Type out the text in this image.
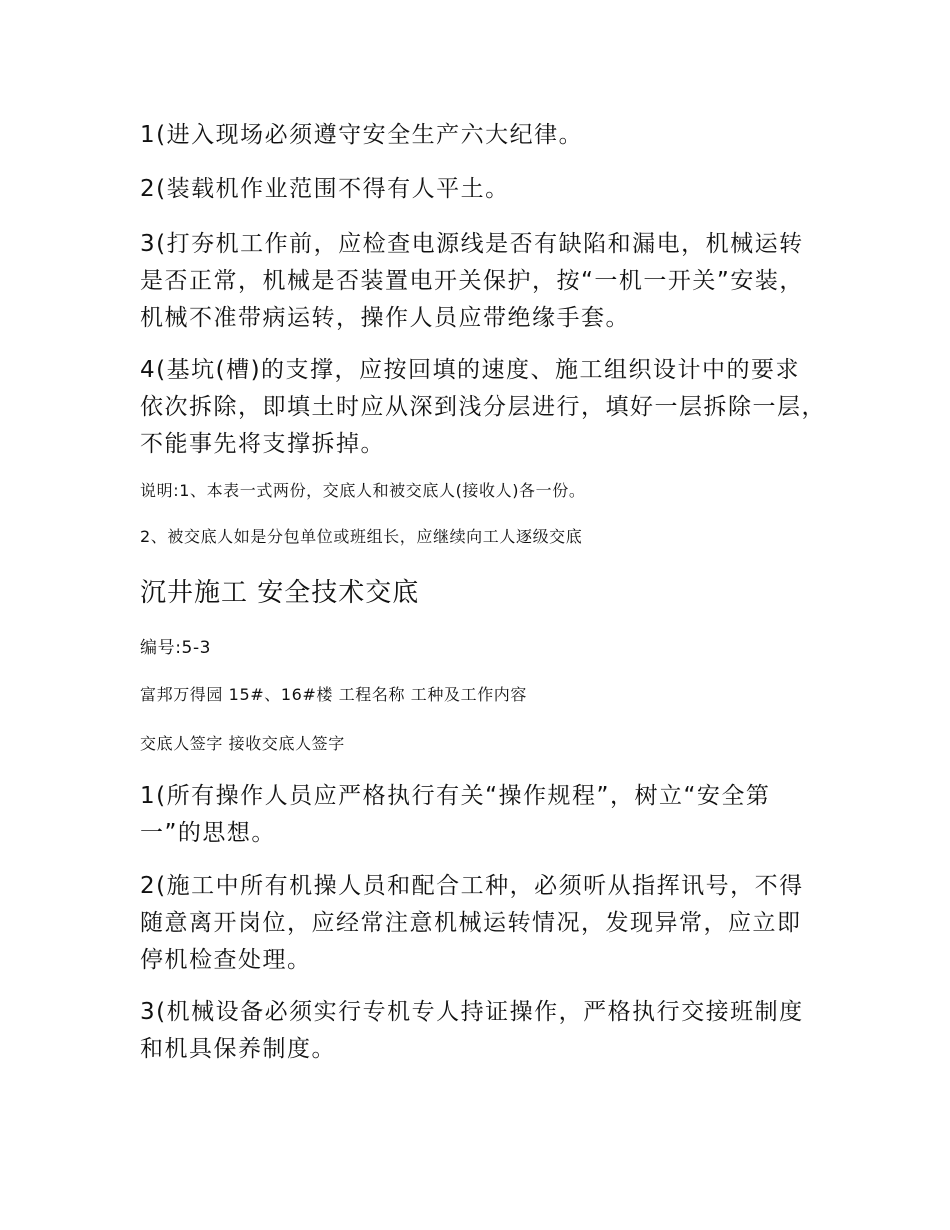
1(进入现场必须遵守安全生产六大纪律。

2(装载机作业范围不得有人平土。

3(打夯机工作前，应检查电源线是否有缺陷和漏电，机械运转
是否正常，机械是否装置电开关保护，按“一机一开关”安装，
机械不准带病运转，操作人员应带绝缘手套。

4(基坑(槽)的支撑，应按回填的速度、施工组织设计中的要求
依次拆除，即填土时应从深到浅分层进行，填好一层拆除一层，
不能事先将支撑拆掉。

说明:1、本表一式两份，交底人和被交底人(接收人)各一份。

2、被交底人如是分包单位或班组长，应继续向工人逐级交底

沉井施工 安全技术交底

编号:5-3

富邦万得园 15#、16#楼 工程名称 工种及工作内容

交底人签字 接收交底人签字

1(所有操作人员应严格执行有关“操作规程”，树立“安全第
一”的思想。

2(施工中所有机操人员和配合工种，必须听从指挥讯号，不得
随意离开岗位，应经常注意机械运转情况，发现异常，应立即
停机检查处理。

3(机械设备必须实行专机专人持证操作，严格执行交接班制度
和机具保养制度。
